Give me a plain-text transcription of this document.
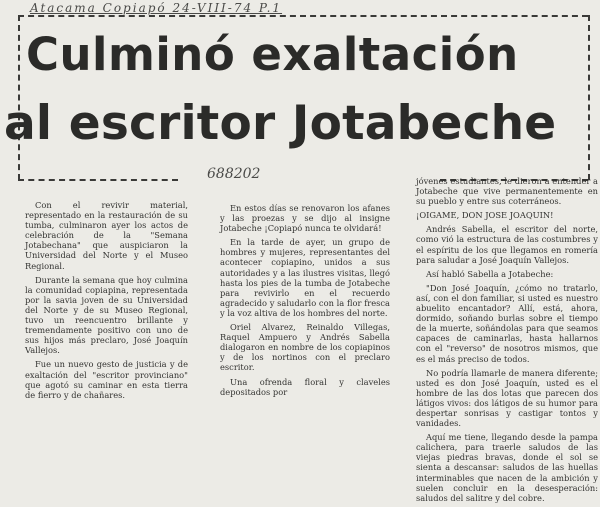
Atacama Copiapó 24-VIII-74 P.1
Culminó exaltación
al escritor Jotabeche
688202

Con el revivir material, representado en la restauración de su tumba, culminaron ayer los actos de celebración de la "Semana Jotabechana" que auspiciaron la Universidad del Norte y el Museo Regional.

Durante la semana que hoy culmina la comunidad copiapina, representada por la savia joven de su Universidad del Norte y de su Museo Regional, tuvo un reencuentro brillante y tremendamente positivo con uno de sus hijos más preclaro, José Joaquín Vallejos.

Fue un nuevo gesto de justicia y de exaltación del "escritor provinciano" que agotó su caminar en esta tierra de fierro y de chañares.

En estos días se renovaron los afanes y las proezas y se dijo al insigne Jotabeche ¡Copiapó nunca te olvidará!

En la tarde de ayer, un grupo de hombres y mujeres, representantes del acontecer copiapino, unidos a sus autoridades y a las ilustres visitas, llegó hasta los pies de la tumba de Jotabeche para revivirlo en el recuerdo agradecido y saludarlo con la flor fresca y la voz altiva de los hombres del norte.

Oriel Alvarez, Reinaldo Villegas, Raquel Ampuero y Andrés Sabella dialogaron en nombre de los copiapinos y de los nortinos con el preclaro escritor.

Una ofrenda floral y claveles depositados por

jóvenes estudiantes, le dieron a entender a Jotabeche que vive permanentemente en su pueblo y entre sus coterráneos.

¡OIGAME, DON JOSE JOAQUIN!

Andrés Sabella, el escritor del norte, como vió la estructura de las costumbres y el espíritu de los que llegamos en romería para saludar a José Joaquín Vallejos.

Así habló Sabella a Jotabeche:

"Don José Joaquín, ¿cómo no tratarlo, así, con el don familiar, si usted es nuestro abuelito encantador? Allí, está, ahora, dormido, soñando burlas sobre el tiempo de la muerte, soñándolas para que seamos capaces de caminarlas, hasta hallarnos con el "reverso" de nosotros mismos, que es el más preciso de todos.

No podría llamarle de manera diferente; usted es don José Joaquín, usted es el hombre de las dos lotas que parecen dos látigos vivos: dos látigos de su humor para despertar sonrisas y castigar tontos y vanidades.

Aquí me tiene, llegando desde la pampa calichera, para traerle saludos de las viejas piedras bravas, donde el sol se sienta a descansar: saludos de las huellas interminables que nacen de la ambición y suelen concluir en la desesperación: saludos del salitre y del cobre.
